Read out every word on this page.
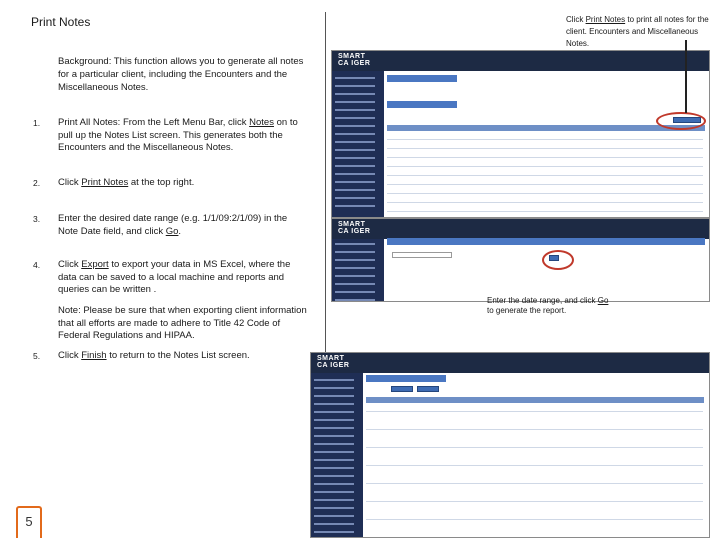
Print Notes	Click Print Notes to print all notes for the client. Encounters and Miscellaneous Notes.
Background: This function allows you to generate all notes for a particular client, including the Encounters and the Miscellaneous Notes.
1.	Print All Notes: From the Left Menu Bar, click Notes on to pull up the Notes List screen. This generates both the Encounters and the Miscellaneous Notes.
2.	Click Print Notes at the top right.
3.	Enter the desired date range (e.g. 1/1/09:2/1/09) in the Note Date field, and click Go.
4.	Click Export to export your data in MS Excel, where the data can be saved to a local machine and reports and queries can be written .
Note: Please be sure that when exporting client information that all efforts are made to adhere to Title 42 Code of Federal Regulations and HIPAA.
5.	Click Finish to return to the Notes List screen.
5
SMART
CA IGER
SMART
CA IGER
Enter the date range, and click Go to generate the report.
SMART
CA IGER
